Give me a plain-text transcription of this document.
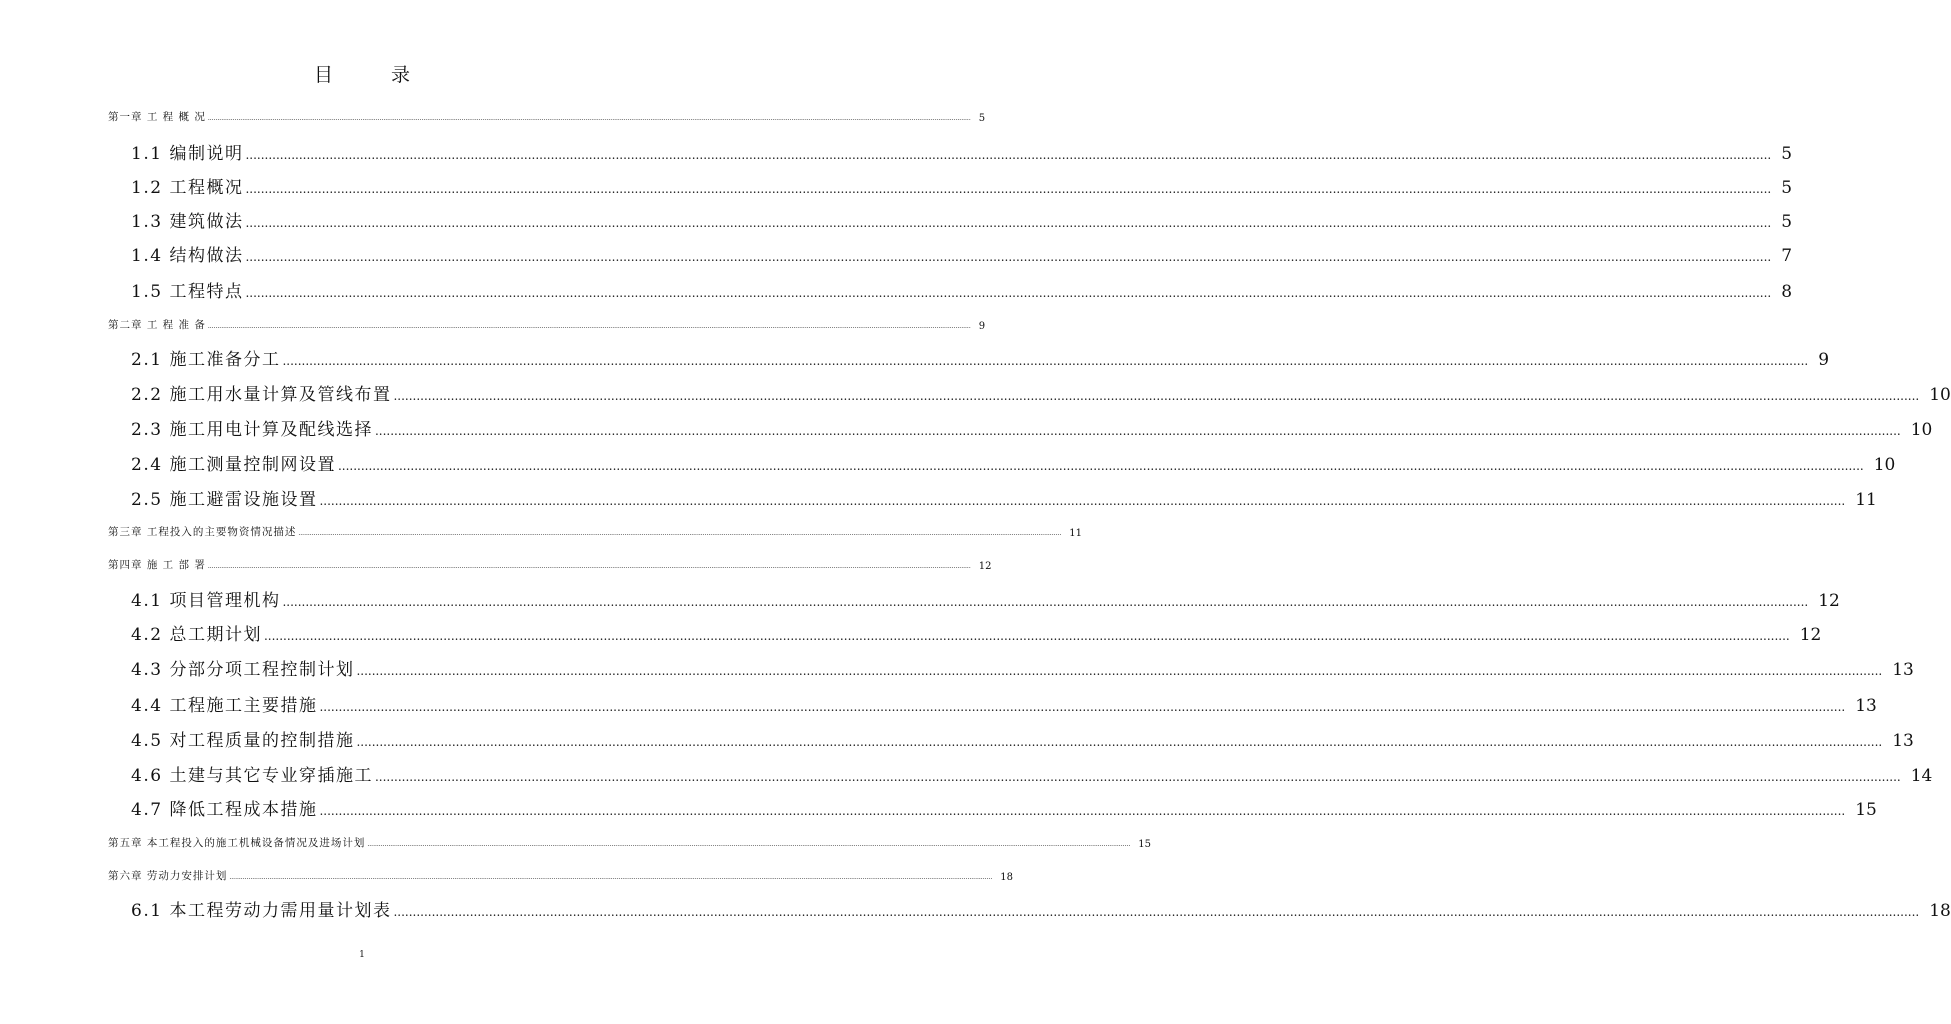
目 录
第一章 工 程 概 况 ................................................................................................................................................................................................................................................................................................................................................................................................................ 5
1.1 编制说明 ................................................................................................................................................................................................................................................................................................................................................................................................................ 5
1.2 工程概况 ................................................................................................................................................................................................................................................................................................................................................................................................................ 5
1.3 建筑做法 ................................................................................................................................................................................................................................................................................................................................................................................................................ 5
1.4 结构做法 ................................................................................................................................................................................................................................................................................................................................................................................................................ 7
1.5 工程特点 ................................................................................................................................................................................................................................................................................................................................................................................................................ 8
第二章 工 程 准 备 ................................................................................................................................................................................................................................................................................................................................................................................................................ 9
2.1 施工准备分工 ................................................................................................................................................................................................................................................................................................................................................................................................................ 9
2.2 施工用水量计算及管线布置 ................................................................................................................................................................................................................................................................................................................................................................................................................ 10
2.3 施工用电计算及配线选择 ................................................................................................................................................................................................................................................................................................................................................................................................................ 10
2.4 施工测量控制网设置 ................................................................................................................................................................................................................................................................................................................................................................................................................ 10
2.5 施工避雷设施设置 ................................................................................................................................................................................................................................................................................................................................................................................................................ 11
第三章 工程投入的主要物资情况描述 ................................................................................................................................................................................................................................................................................................................................................................................................................ 11
第四章 施 工 部 署 ................................................................................................................................................................................................................................................................................................................................................................................................................ 12
4.1 项目管理机构 ................................................................................................................................................................................................................................................................................................................................................................................................................ 12
4.2 总工期计划 ................................................................................................................................................................................................................................................................................................................................................................................................................ 12
4.3 分部分项工程控制计划 ................................................................................................................................................................................................................................................................................................................................................................................................................ 13
4.4 工程施工主要措施 ................................................................................................................................................................................................................................................................................................................................................................................................................ 13
4.5 对工程质量的控制措施 ................................................................................................................................................................................................................................................................................................................................................................................................................ 13
4.6 土建与其它专业穿插施工 ................................................................................................................................................................................................................................................................................................................................................................................................................ 14
4.7 降低工程成本措施 ................................................................................................................................................................................................................................................................................................................................................................................................................ 15
第五章 本工程投入的施工机械设备情况及进场计划 ................................................................................................................................................................................................................................................................................................................................................................................................................ 15
第六章 劳动力安排计划 ................................................................................................................................................................................................................................................................................................................................................................................................................ 18
6.1 本工程劳动力需用量计划表 ................................................................................................................................................................................................................................................................................................................................................................................................................ 18
1
